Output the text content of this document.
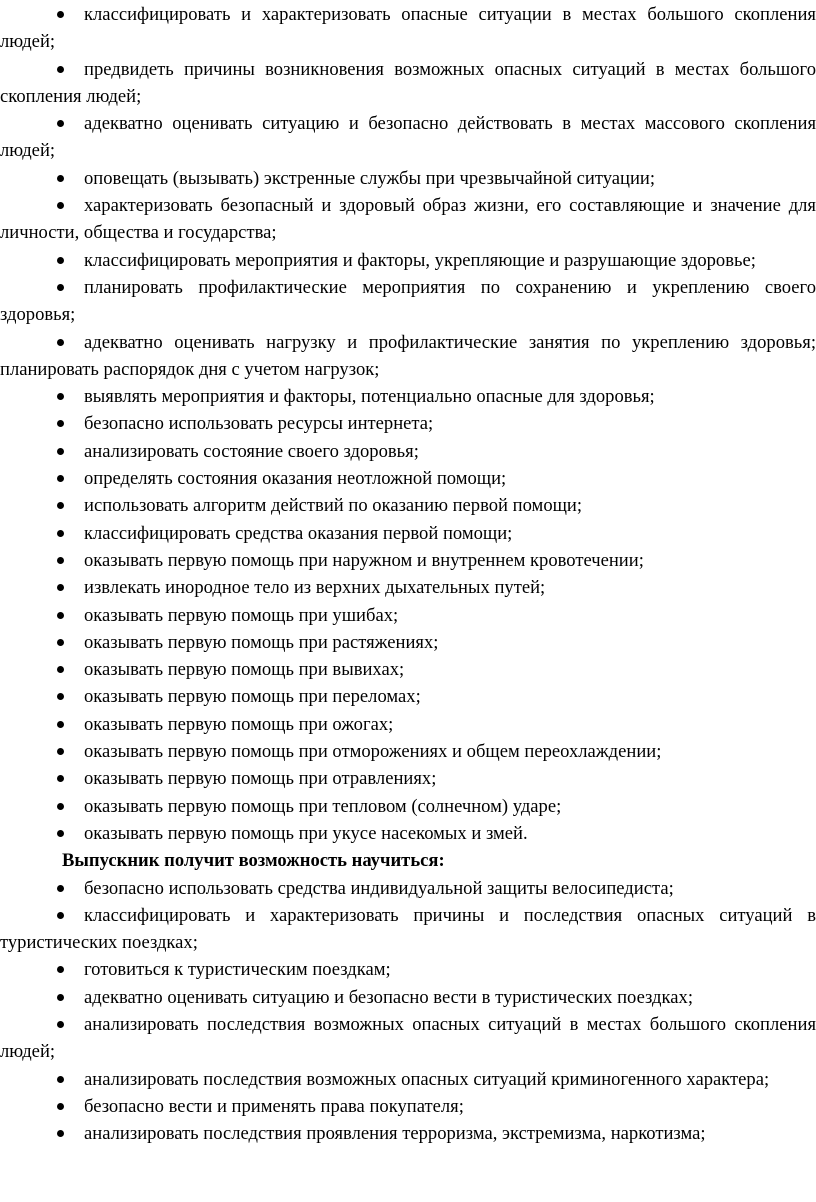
классифицировать и характеризовать опасные ситуации в местах большого скопления людей;

предвидеть причины возникновения возможных опасных ситуаций в местах большого скопления людей;

адекватно оценивать ситуацию и безопасно действовать в местах массового скопления людей;

оповещать (вызывать) экстренные службы при чрезвычайной ситуации;

характеризовать безопасный и здоровый образ жизни, его составляющие и значение для личности, общества и государства;

классифицировать мероприятия и факторы, укрепляющие и разрушающие здоровье;

планировать профилактические мероприятия по сохранению и укреплению своего здоровья;

адекватно оценивать нагрузку и профилактические занятия по укреплению здоровья; планировать распорядок дня с учетом нагрузок;

выявлять мероприятия и факторы, потенциально опасные для здоровья;

безопасно использовать ресурсы интернета;

анализировать состояние своего здоровья;

определять состояния оказания неотложной помощи;

использовать алгоритм действий по оказанию первой помощи;

классифицировать средства оказания первой помощи;

оказывать первую помощь при наружном и внутреннем кровотечении;

извлекать инородное тело из верхних дыхательных путей;

оказывать первую помощь при ушибах;

оказывать первую помощь при растяжениях;

оказывать первую помощь при вывихах;

оказывать первую помощь при переломах;

оказывать первую помощь при ожогах;

оказывать первую помощь при отморожениях и общем переохлаждении;

оказывать первую помощь при отравлениях;

оказывать первую помощь при тепловом (солнечном) ударе;

оказывать первую помощь при укусе насекомых и змей.

Выпускник получит возможность научиться:

безопасно использовать средства индивидуальной защиты велосипедиста;

классифицировать и характеризовать причины и последствия опасных ситуаций в туристических поездках;

готовиться к туристическим поездкам;

адекватно оценивать ситуацию и безопасно вести в туристических поездках;

анализировать последствия возможных опасных ситуаций в местах большого скопления людей;

анализировать последствия возможных опасных ситуаций криминогенного характера;

безопасно вести и применять права покупателя;

анализировать последствия проявления терроризма, экстремизма, наркотизма;
